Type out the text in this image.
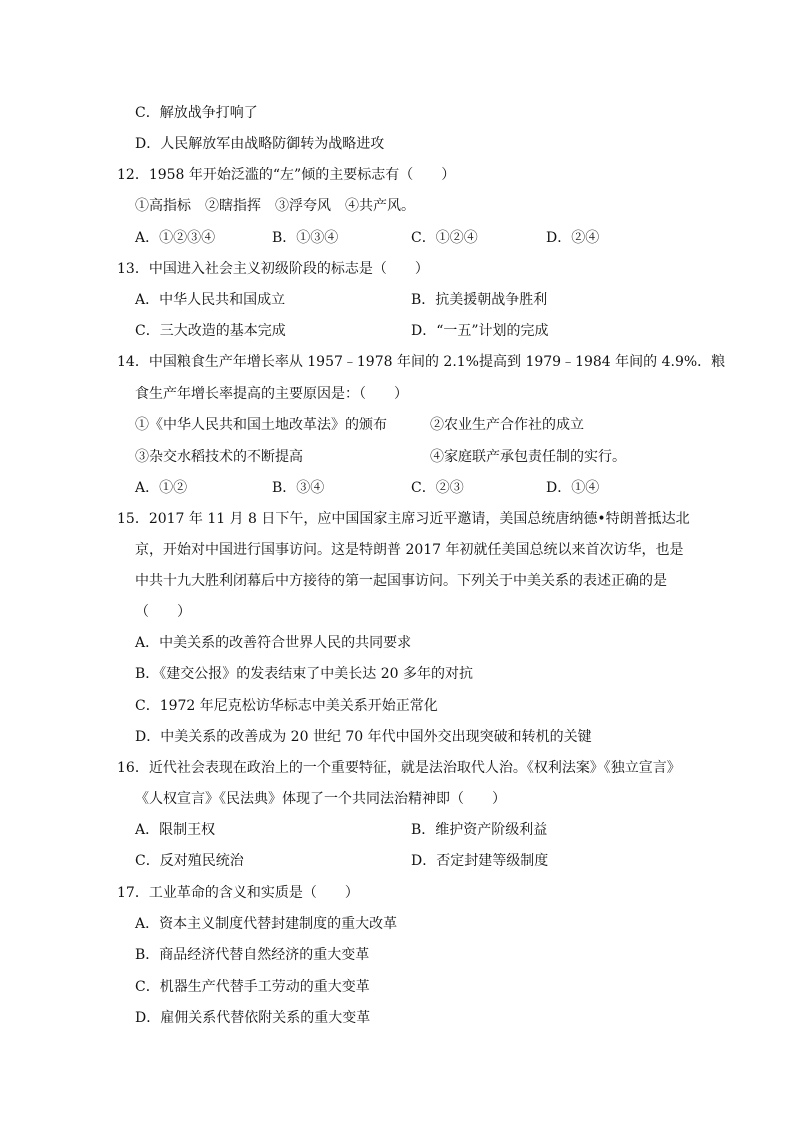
C．解放战争打响了
D．人民解放军由战略防御转为战略进攻
12．1958 年开始泛滥的“左”倾的主要标志有（　　）
①高指标　②瞎指挥　③浮夸风　④共产风。
A．①②③④	B．①③④	C．①②④	D．②④
13．中国进入社会主义初级阶段的标志是（　　）
A．中华人民共和国成立	B．抗美援朝战争胜利
C．三大改造的基本完成	D．“一五”计划的完成
14．中国粮食生产年增长率从 1957﹣1978 年间的 2.1%提高到 1979﹣1984 年间的 4.9%．粮
食生产年增长率提高的主要原因是：（　　）
①《中华人民共和国土地改革法》的颁布	②农业生产合作社的成立
③杂交水稻技术的不断提高	④家庭联产承包责任制的实行。
A．①②	B．③④	C．②③	D．①④
15．2017 年 11 月 8 日下午，应中国国家主席习近平邀请，美国总统唐纳德•特朗普抵达北
京，开始对中国进行国事访问。这是特朗普 2017 年初就任美国总统以来首次访华，也是
中共十九大胜利闭幕后中方接待的第一起国事访问。下列关于中美关系的表述正确的是
（　　）
A．中美关系的改善符合世界人民的共同要求
B．《建交公报》的发表结束了中美长达 20 多年的对抗
C．1972 年尼克松访华标志中美关系开始正常化
D．中美关系的改善成为 20 世纪 70 年代中国外交出现突破和转机的关键
16．近代社会表现在政治上的一个重要特征，就是法治取代人治。《权利法案》《独立宣言》
《人权宣言》《民法典》体现了一个共同法治精神即（　　）
A．限制王权	B．维护资产阶级利益
C．反对殖民统治	D．否定封建等级制度
17．工业革命的含义和实质是（　　）
A．资本主义制度代替封建制度的重大改革
B．商品经济代替自然经济的重大变革
C．机器生产代替手工劳动的重大变革
D．雇佣关系代替依附关系的重大变革
